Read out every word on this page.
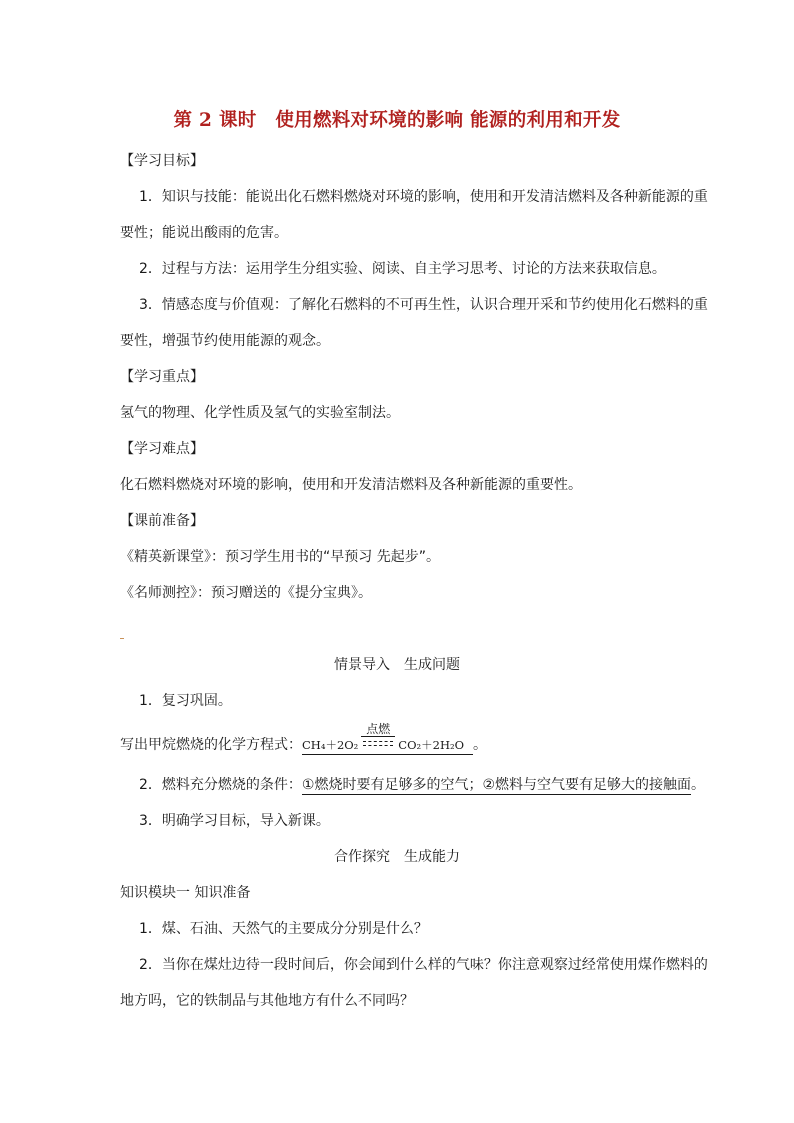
第 2 课时　使用燃料对环境的影响 能源的利用和开发
【学习目标】
1．知识与技能：能说出化石燃料燃烧对环境的影响，使用和开发清洁燃料及各种新能源的重
要性；能说出酸雨的危害。
2．过程与方法：运用学生分组实验、阅读、自主学习思考、讨论的方法来获取信息。
3．情感态度与价值观：了解化石燃料的不可再生性，认识合理开采和节约使用化石燃料的重
要性，增强节约使用能源的观念。
【学习重点】
氢气的物理、化学性质及氢气的实验室制法。
【学习难点】
化石燃料燃烧对环境的影响，使用和开发清洁燃料及各种新能源的重要性。
【课前准备】
《精英新课堂》：预习学生用书的“早预习 先起步”。
《名师测控》：预习赠送的《提分宝典》。
情景导入　生成问题
1．复习巩固。
写出甲烷燃烧的化学方程式：CH₄＋2O₂
点燃
CO₂＋2H₂O 。
2．燃料充分燃烧的条件：①燃烧时要有足够多的空气；②燃料与空气要有足够大的接触面。
3．明确学习目标，导入新课。
合作探究　生成能力
知识模块一 知识准备
1．煤、石油、天然气的主要成分分别是什么？
2．当你在煤灶边待一段时间后，你会闻到什么样的气味？你注意观察过经常使用煤作燃料的
地方吗，它的铁制品与其他地方有什么不同吗？
